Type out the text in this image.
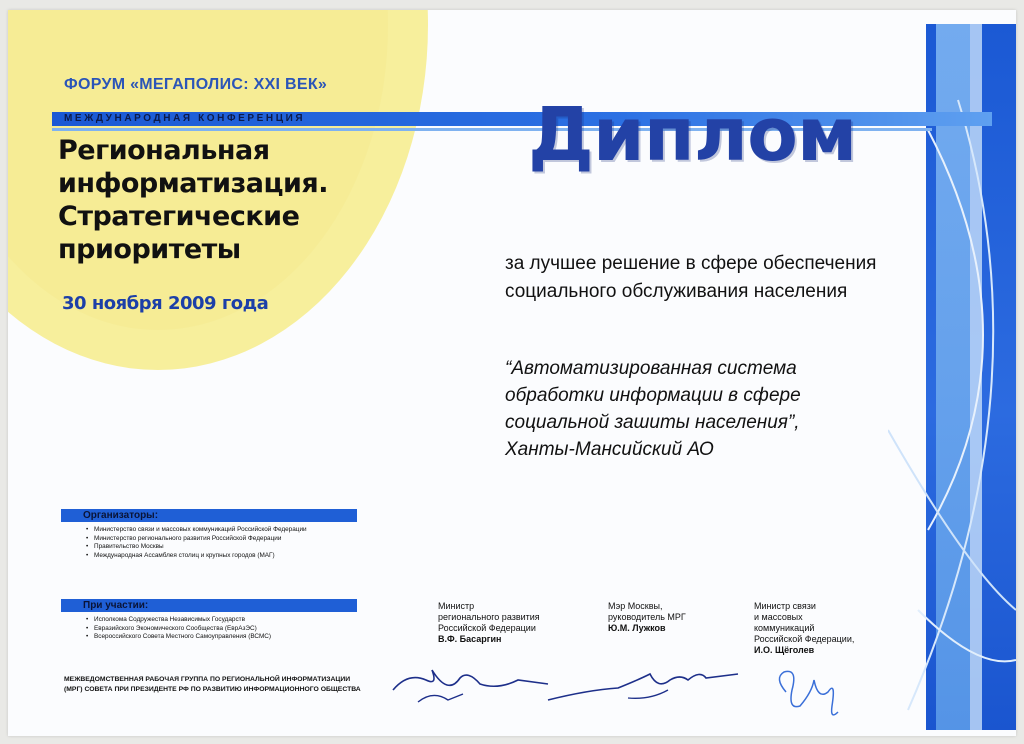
ФОРУМ «МЕГАПОЛИС: XXI ВЕК»
МЕЖДУНАРОДНАЯ КОНФЕРЕНЦИЯ
Региональная
информатизация.
Стратегические
приоритеты
30 ноября 2009 года
Диплом
за лучшее решение в сфере обеспечения
социального обслуживания населения
“Автоматизированная система
обработки информации в сфере
социальной зашиты населения”,
Ханты-Мансийский АО
Организаторы:
• Министерство связи и массовых коммуникаций Российской Федерации
• Министерство регионального развития Российской Федерации
• Правительство Москвы
• Международная Ассамблея столиц и крупных городов (МАГ)
При участии:
• Исполкома Содружества Независимых Государств
• Евразийского Экономического Сообщества (ЕврАзЭС)
• Всероссийского Совета Местного Самоуправления (ВСМС)
МЕЖВЕДОМСТВЕННАЯ РАБОЧАЯ ГРУППА ПО РЕГИОНАЛЬНОЙ ИНФОРМАТИЗАЦИИ
(МРГ) СОВЕТА ПРИ ПРЕЗИДЕНТЕ РФ ПО РАЗВИТИЮ ИНФОРМАЦИОННОГО ОБЩЕСТВА
Министр
регионального развития
Российской Федерации
В.Ф. Басаргин
Мэр Москвы,
руководитель МРГ
Ю.М. Лужков
Министр связи
и массовых
коммуникаций
Российской Федерации,
И.О. Щёголев
